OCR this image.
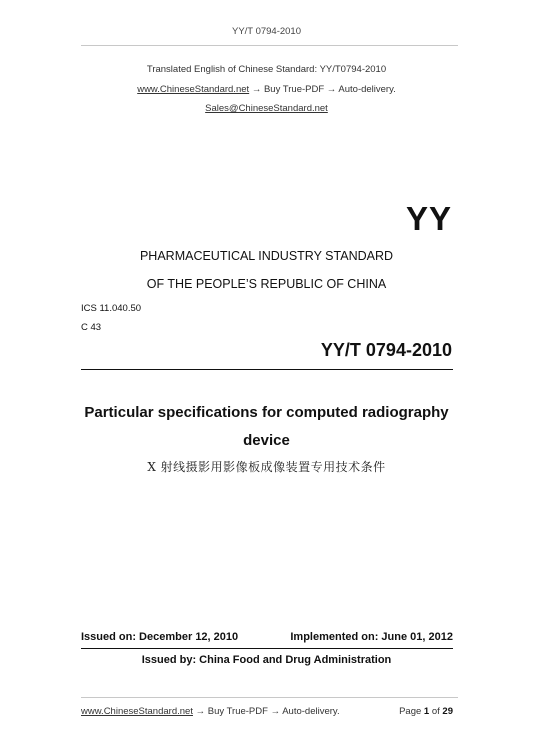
YY/T 0794-2010
Translated English of Chinese Standard: YY/T0794-2010
www.ChineseStandard.net → Buy True-PDF → Auto-delivery.
Sales@ChineseStandard.net
YY
PHARMACEUTICAL INDUSTRY STANDARD
OF THE PEOPLE’S REPUBLIC OF CHINA
ICS 11.040.50
C 43
YY/T 0794-2010
Particular specifications for computed radiography
device
X 射线摄影用影像板成像装置专用技术条件
Issued on: December 12, 2010	Implemented on: June 01, 2012
Issued by: China Food and Drug Administration
www.ChineseStandard.net → Buy True-PDF → Auto-delivery.	Page 1 of 29
